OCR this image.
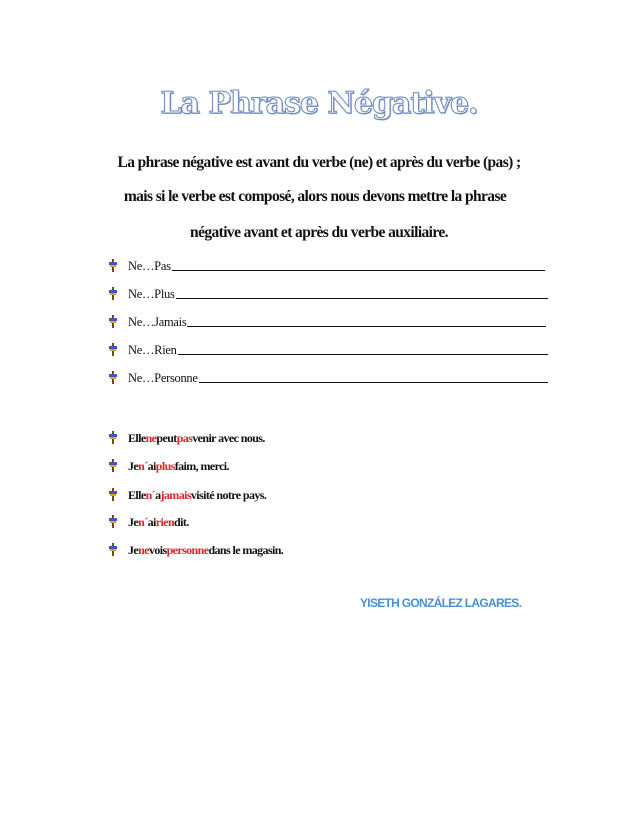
La Phrase Négative.
La phrase négative est avant du verbe (ne) et après du verbe (pas) ;
mais si le verbe est composé, alors nous devons mettre la phrase
négative avant et après du verbe auxiliaire.
Ne…Pas
Ne…Plus
Ne…Jamais
Ne…Rien
Ne…Personne
Elle ne peut pas venir avec nous.
Je n´ ai plus faim, merci.
Elle n´ a jamais visité notre pays.
Je n´ ai rien dit.
Je ne vois personne dans le magasin.
YISETH GONZÁLEZ LAGARES.
